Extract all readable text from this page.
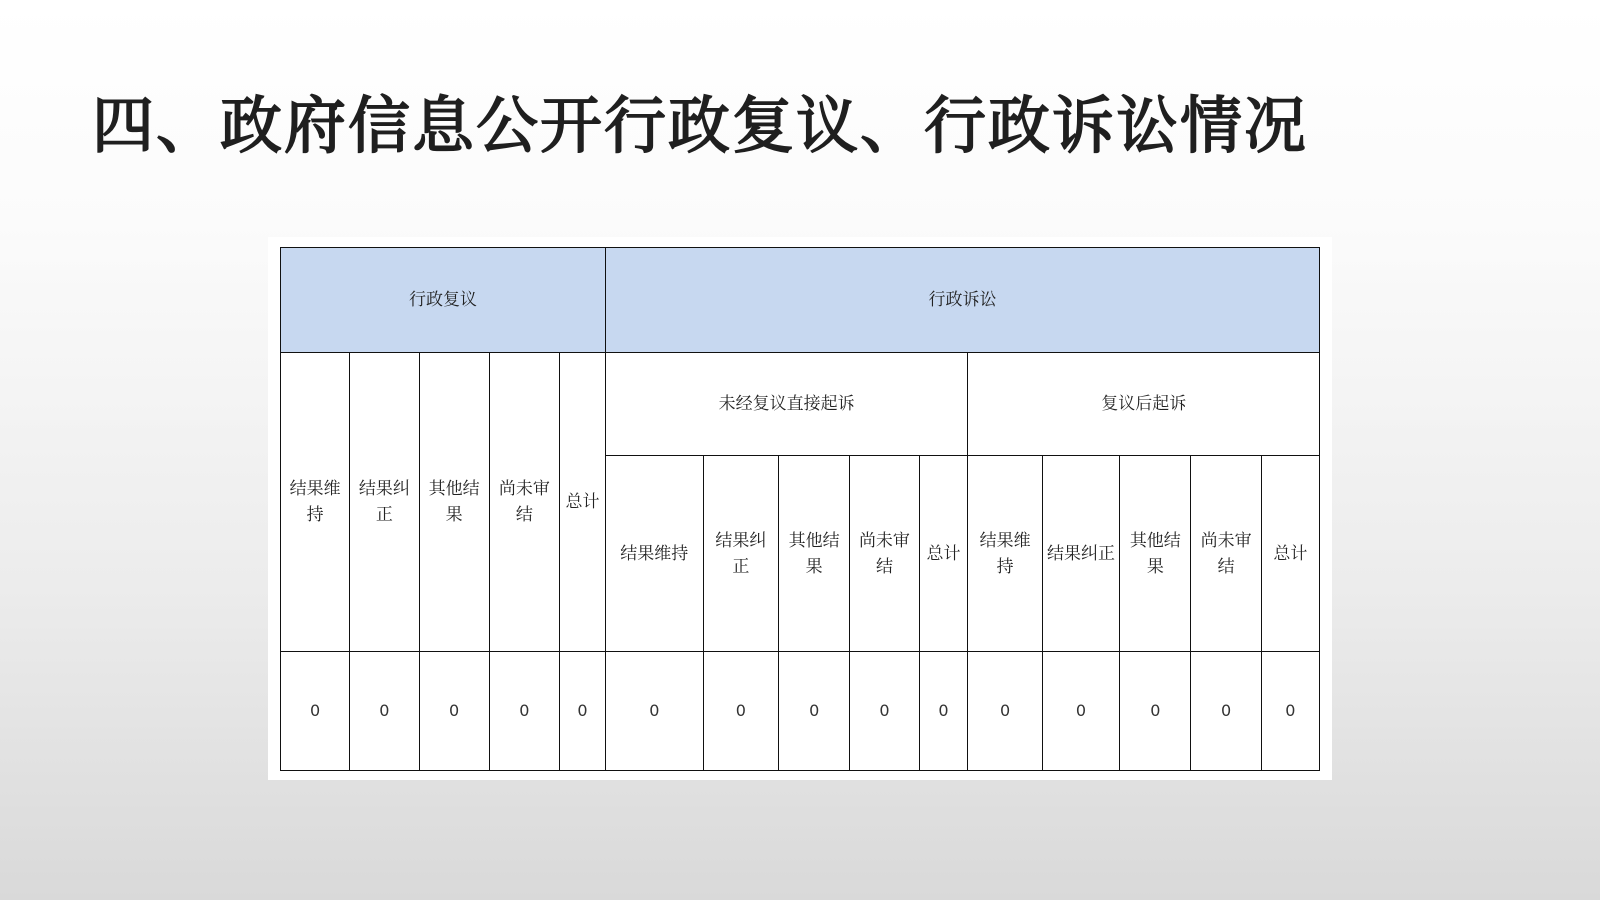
四、政府信息公开行政复议、行政诉讼情况
行政复议					行政诉讼									
结果维持	结果纠正	其他结果	尚未审结	总计	未经复议直接起诉					复议后起诉				
					结果维持	结果纠正	其他结果	尚未审结	总计	结果维持	结果纠正	其他结果	尚未审结	总计
0	0	0	0	0	0	0	0	0	0	0	0	0	0	0
